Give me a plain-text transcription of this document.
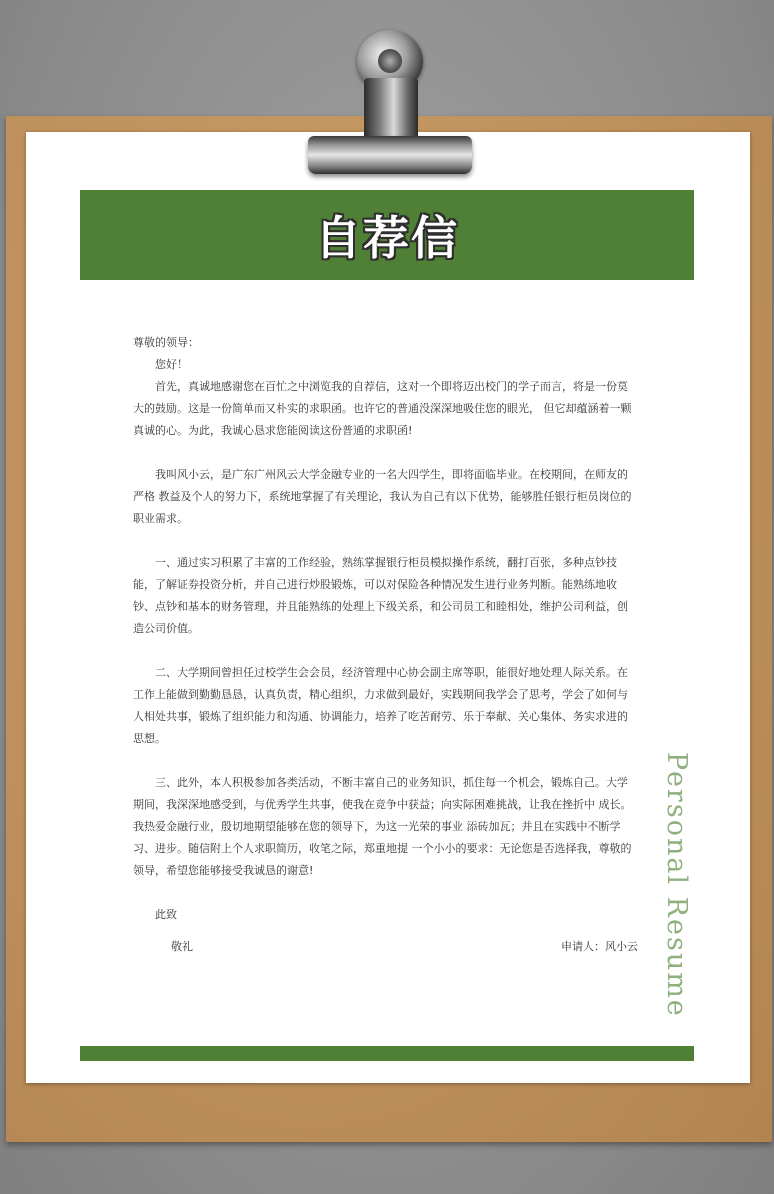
自荐信

尊敬的领导：

您好！

首先，真诚地感谢您在百忙之中浏览我的自荐信，这对一个即将迈出校门的学子而言，将是一份莫大的鼓励。这是一份简单而又朴实的求职函。也许它的普通没深深地吸住您的眼光， 但它却蕴涵着一颗真诚的心。为此，我诚心恳求您能阅读这份普通的求职函!

我叫风小云，是广东广州风云大学金融专业的一名大四学生，即将面临毕业。在校期间，在师友的严格 教益及个人的努力下，系统地掌握了有关理论，我认为自己有以下优势，能够胜任银行柜员岗位的职业需求。

一、通过实习积累了丰富的工作经验，熟练掌握银行柜员模拟操作系统，翻打百张，多种点钞技能，了解证券投资分析，并自己进行炒股锻炼，可以对保险各种情况发生进行业务判断。能熟练地收钞、点钞和基本的财务管理，并且能熟练的处理上下级关系，和公司员工和睦相处，维护公司利益，创造公司价值。

二、大学期间曾担任过校学生会会员，经济管理中心协会副主席等职，能很好地处理人际关系。在工作上能做到勤勤恳恳，认真负责，精心组织，力求做到最好，实践期间我学会了思考，学会了如何与人相处共事，锻炼了组织能力和沟通、协调能力，培养了吃苦耐劳、乐于奉献、关心集体、务实求进的思想。

三、此外，本人积极参加各类活动，不断丰富自己的业务知识，抓住每一个机会，锻炼自己。大学期间，我深深地感受到，与优秀学生共事，使我在竞争中获益；向实际困难挑战，让我在挫折中 成长。我热爱金融行业，殷切地期望能够在您的领导下，为这一光荣的事业 添砖加瓦；并且在实践中不断学习、进步。随信附上个人求职简历，收笔之际，郑重地提 一个小小的要求：无论您是否选择我，尊敬的领导，希望您能够接受我诚恳的谢意!

此致

敬礼	申请人：风小云 Personal Resume
